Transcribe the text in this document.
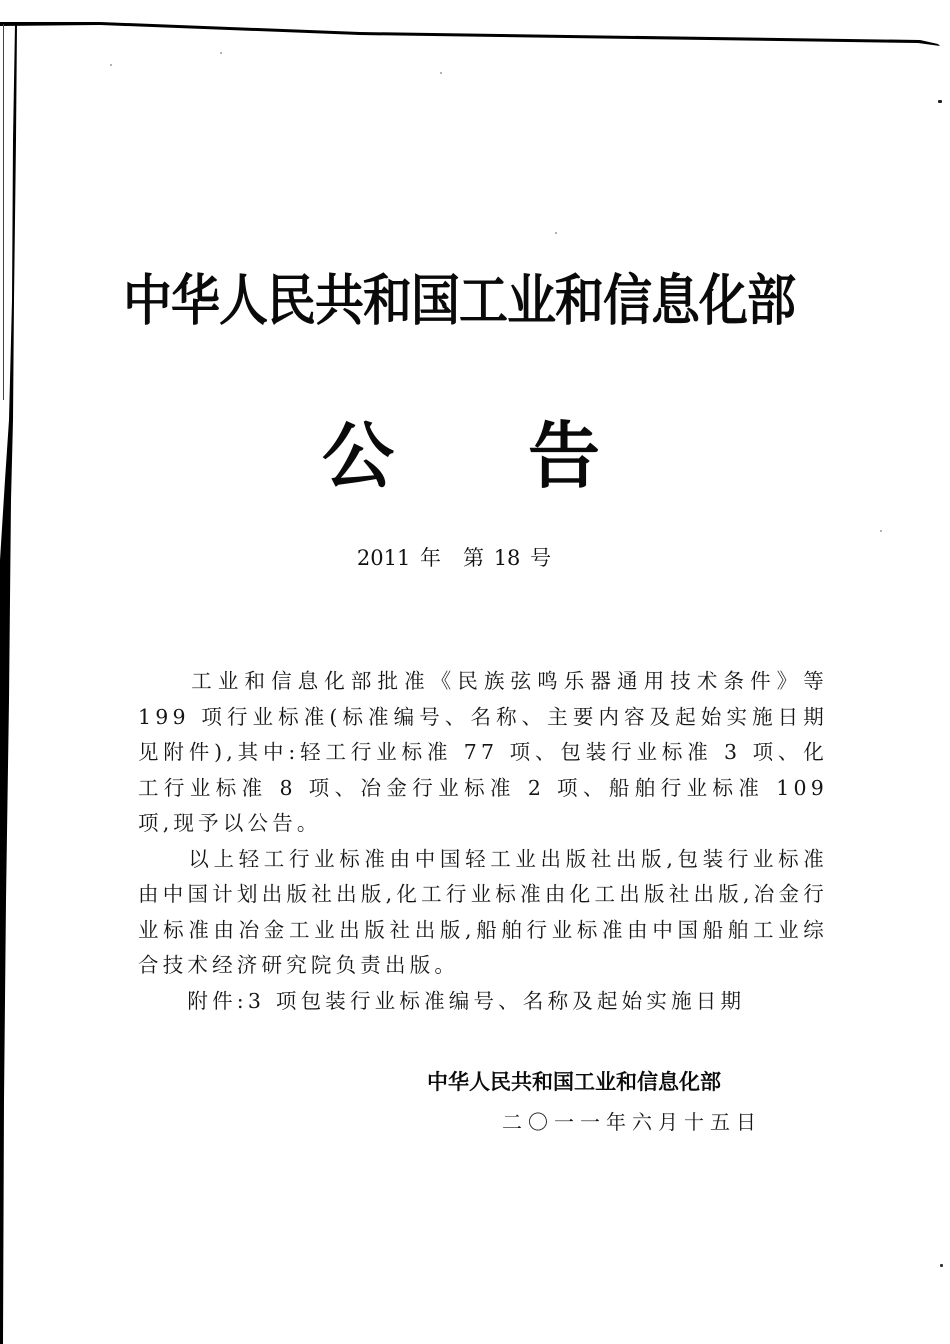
中华人民共和国工业和信息化部
公 告
2011 年 第 18 号

　　工业和信息化部批准《民族弦鸣乐器通用技术条件》等 199 项行业标准(标准编号、名称、主要内容及起始实施日期见附件),其中:轻工行业标准 77 项、包装行业标准 3 项、化工行业标准 8 项、冶金行业标准 2 项、船舶行业标准 109 项,现予以公告。

　　以上轻工行业标准由中国轻工业出版社出版,包装行业标准由中国计划出版社出版,化工行业标准由化工出版社出版,冶金行业标准由冶金工业出版社出版,船舶行业标准由中国船舶工业综合技术经济研究院负责出版。

　　附件:3 项包装行业标准编号、名称及起始实施日期

中华人民共和国工业和信息化部
二〇一一年六月十五日
